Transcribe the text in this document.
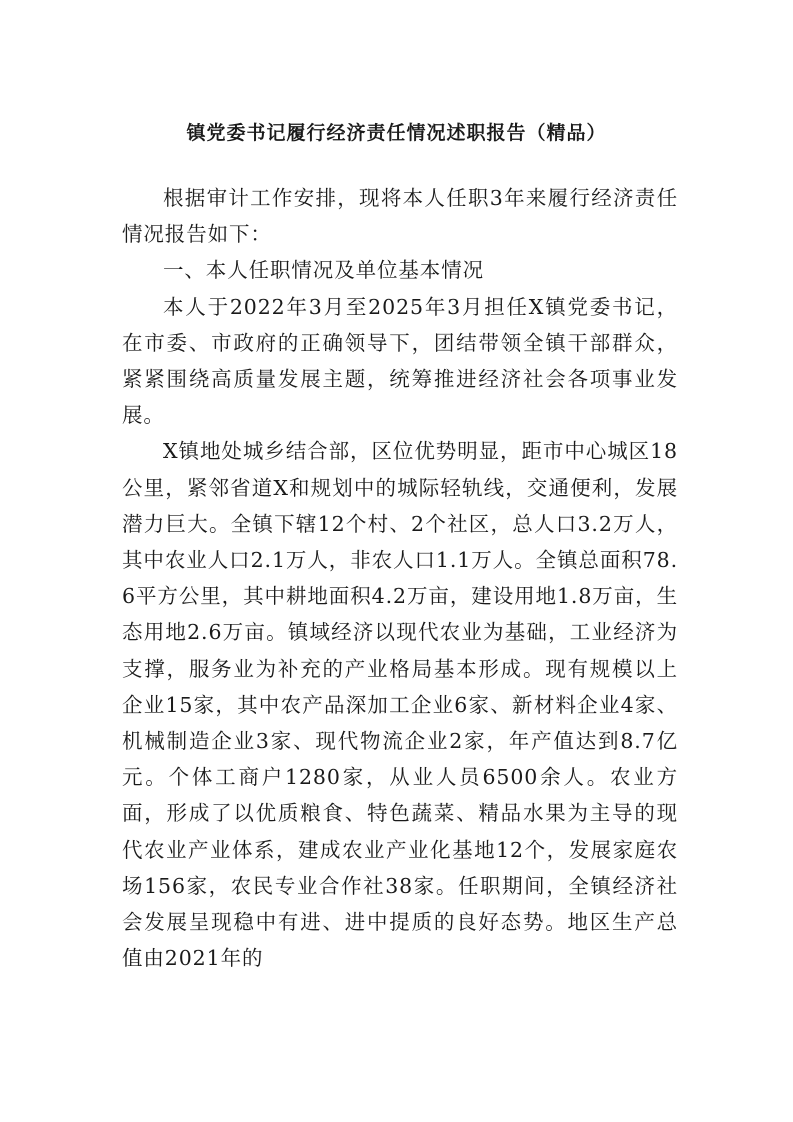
镇党委书记履行经济责任情况述职报告（精品）

根据审计工作安排，现将本人任职3年来履行经济责任情况报告如下：

一、本人任职情况及单位基本情况

本人于2022年3月至2025年3月担任X镇党委书记，在市委、市政府的正确领导下，团结带领全镇干部群众，紧紧围绕高质量发展主题，统筹推进经济社会各项事业发展。

X镇地处城乡结合部，区位优势明显，距市中心城区18公里，紧邻省道X和规划中的城际轻轨线，交通便利，发展潜力巨大。全镇下辖12个村、2个社区，总人口3.2万人，其中农业人口2.1万人，非农人口1.1万人。全镇总面积78.6平方公里，其中耕地面积4.2万亩，建设用地1.8万亩，生态用地2.6万亩。镇域经济以现代农业为基础，工业经济为支撑，服务业为补充的产业格局基本形成。现有规模以上企业15家，其中农产品深加工企业6家、新材料企业4家、机械制造企业3家、现代物流企业2家，年产值达到8.7亿元。个体工商户1280家，从业人员6500余人。农业方面，形成了以优质粮食、特色蔬菜、精品水果为主导的现代农业产业体系，建成农业产业化基地12个，发展家庭农场156家，农民专业合作社38家。任职期间，全镇经济社会发展呈现稳中有进、进中提质的良好态势。地区生产总值由2021年的
